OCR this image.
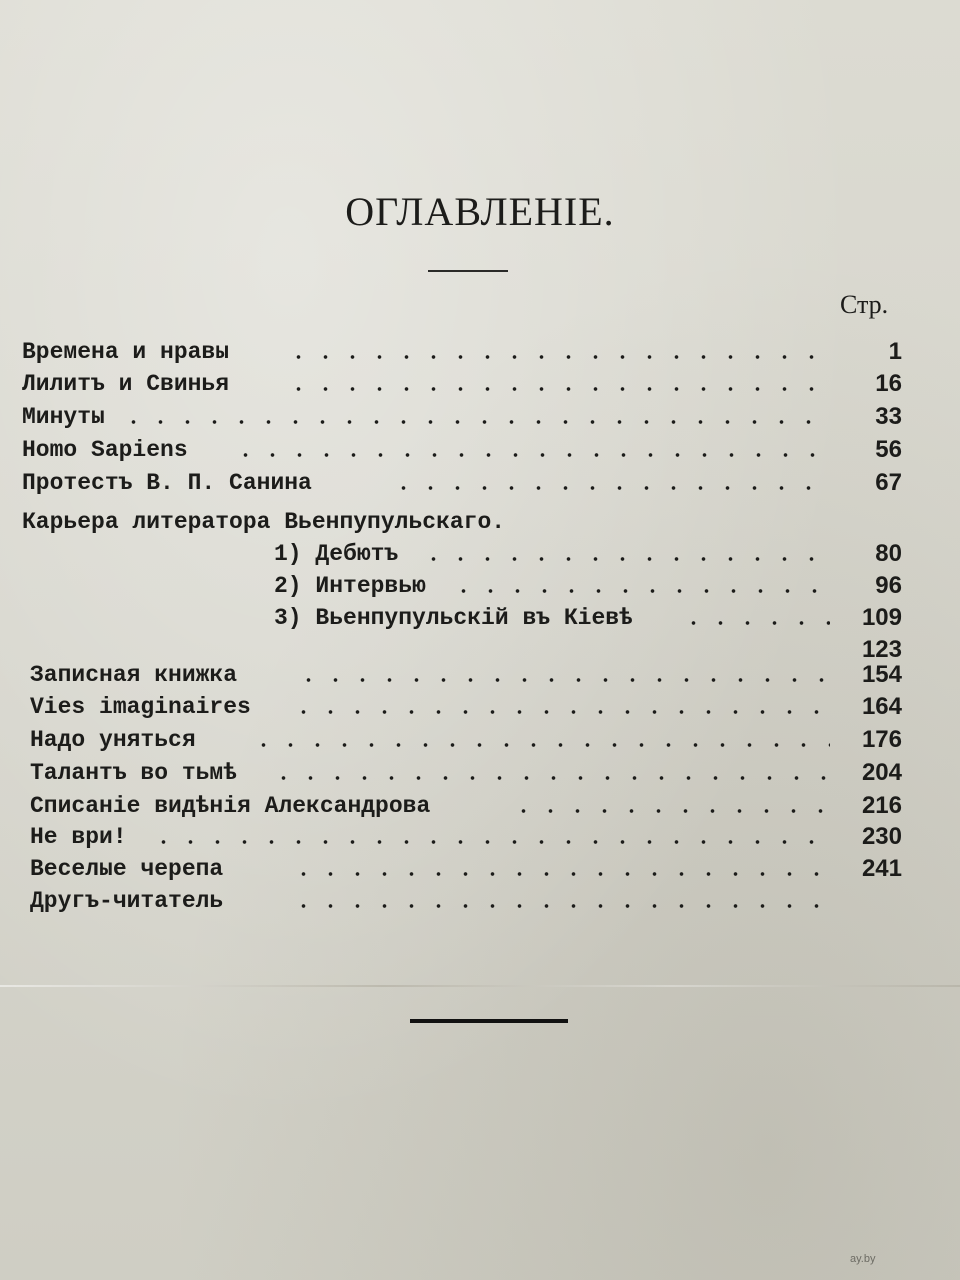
ОГЛАВЛЕНІЕ.
Стр.
Времена и нравы	1
Лилитъ и Свинья	16
Минуты	33
Homo Sapiens	56
Протестъ В. П. Санина	67
Карьера литератора Вьенпупульскаго.
1) Дебютъ	80
2) Интервью	96
3) Вьенпупульскій въ Кіевѣ	109
123
Записная книжка	154
Vies imaginaires	164
Надо уняться	176
Талантъ во тьмѣ	204
Списаніе видѣнія Александрова	216
Не ври!	230
Веселые черепа	241
Другъ-читатель
ay.by
